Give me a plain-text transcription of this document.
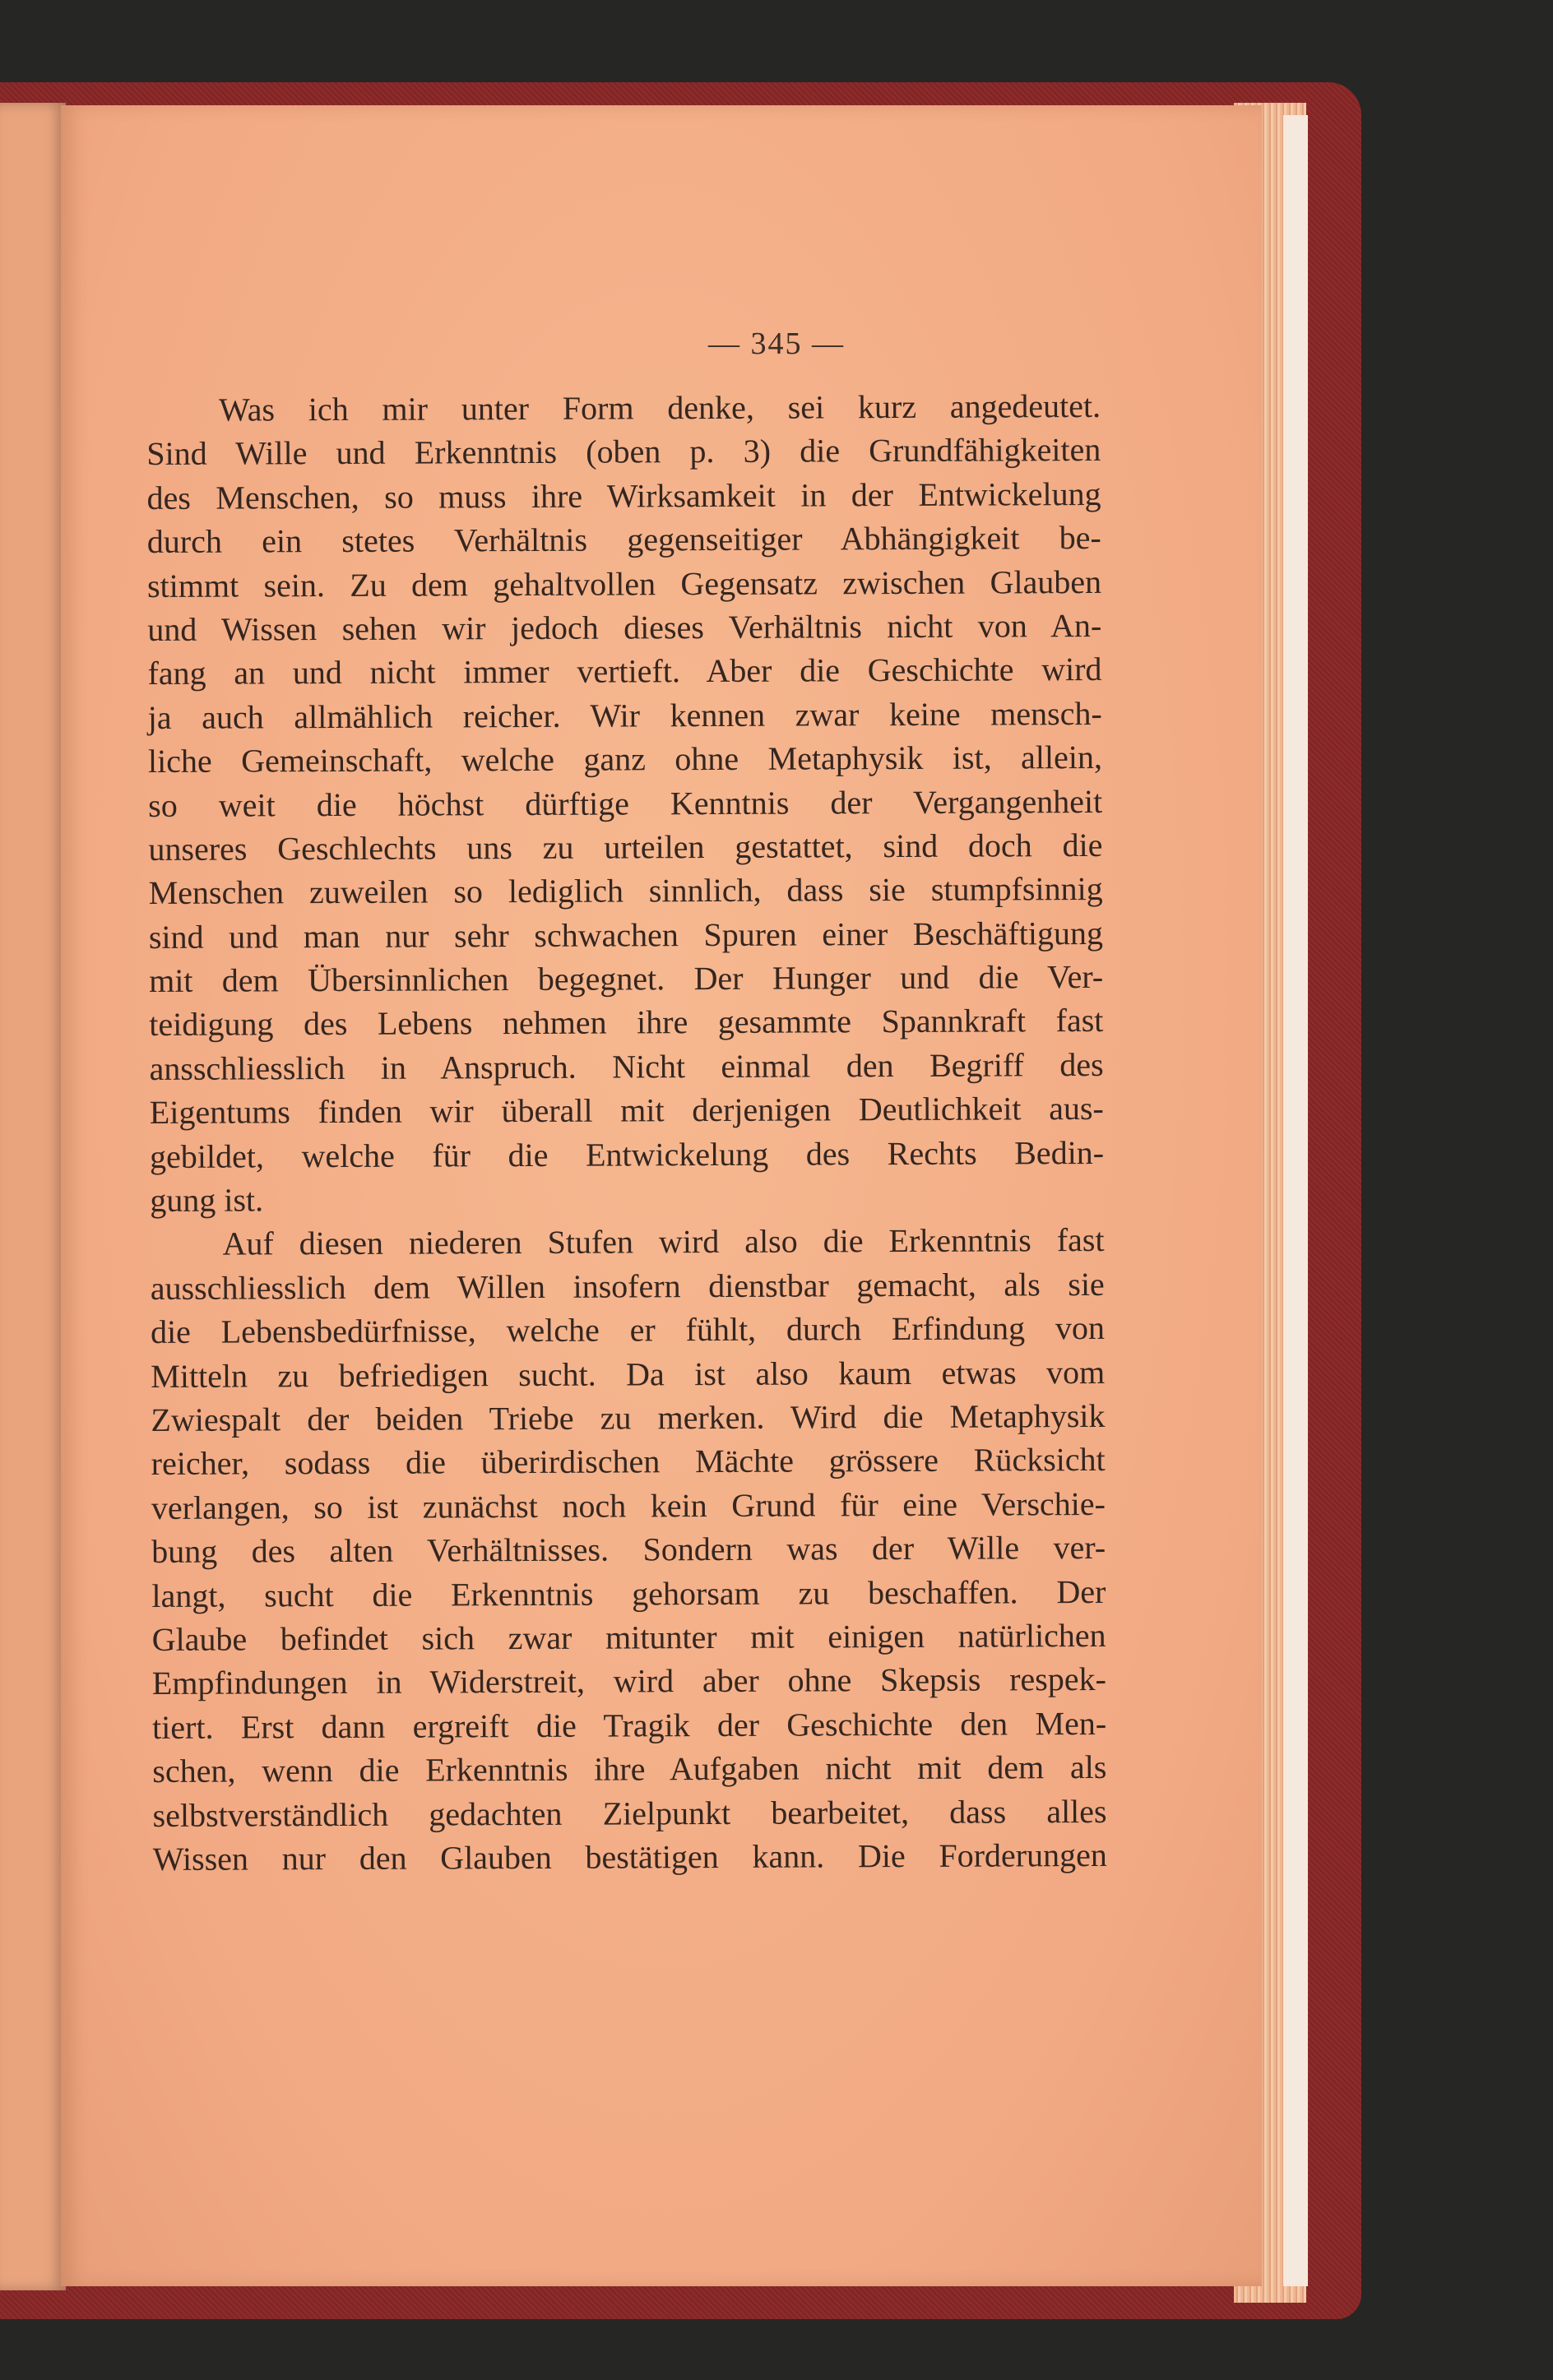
— 345 —
Was ich mir unter Form denke, sei kurz angedeutet.
Sind Wille und Erkenntnis (oben p. 3) die Grundfähigkeiten
des Menschen, so muss ihre Wirksamkeit in der Entwickelung
durch ein stetes Verhältnis gegenseitiger Abhängigkeit be-
stimmt sein. Zu dem gehaltvollen Gegensatz zwischen Glauben
und Wissen sehen wir jedoch dieses Verhältnis nicht von An-
fang an und nicht immer vertieft. Aber die Geschichte wird
ja auch allmählich reicher. Wir kennen zwar keine mensch-
liche Gemeinschaft, welche ganz ohne Metaphysik ist, allein,
so weit die höchst dürftige Kenntnis der Vergangenheit
unseres Geschlechts uns zu urteilen gestattet, sind doch die
Menschen zuweilen so lediglich sinnlich, dass sie stumpfsinnig
sind und man nur sehr schwachen Spuren einer Beschäftigung
mit dem Übersinnlichen begegnet. Der Hunger und die Ver-
teidigung des Lebens nehmen ihre gesammte Spannkraft fast
ansschliesslich in Anspruch. Nicht einmal den Begriff des
Eigentums finden wir überall mit derjenigen Deutlichkeit aus-
gebildet, welche für die Entwickelung des Rechts Bedin-
gung ist.
Auf diesen niederen Stufen wird also die Erkenntnis fast
ausschliesslich dem Willen insofern dienstbar gemacht, als sie
die Lebensbedürfnisse, welche er fühlt, durch Erfindung von
Mitteln zu befriedigen sucht. Da ist also kaum etwas vom
Zwiespalt der beiden Triebe zu merken. Wird die Metaphysik
reicher, sodass die überirdischen Mächte grössere Rücksicht
verlangen, so ist zunächst noch kein Grund für eine Verschie-
bung des alten Verhältnisses. Sondern was der Wille ver-
langt, sucht die Erkenntnis gehorsam zu beschaffen. Der
Glaube befindet sich zwar mitunter mit einigen natürlichen
Empfindungen in Widerstreit, wird aber ohne Skepsis respek-
tiert. Erst dann ergreift die Tragik der Geschichte den Men-
schen, wenn die Erkenntnis ihre Aufgaben nicht mit dem als
selbstverständlich gedachten Zielpunkt bearbeitet, dass alles
Wissen nur den Glauben bestätigen kann. Die Forderungen
